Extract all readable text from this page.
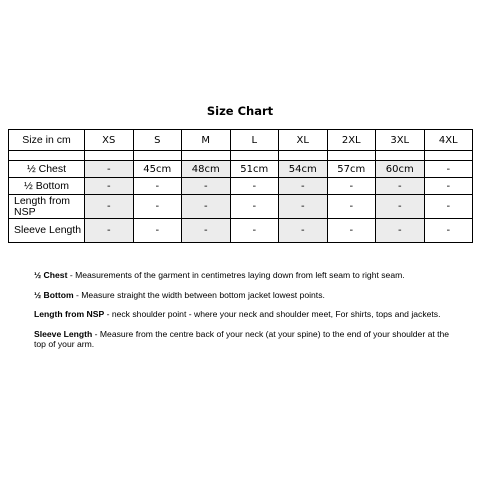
Size Chart
Size in cm	XS	S	M	L	XL	2XL	3XL	4XL

½ Chest	-	45cm	48cm	51cm	54cm	57cm	60cm	-
½ Bottom	-	-	-	-	-	-	-	-
Length from NSP	-	-	-	-	-	-	-	-
Sleeve Length	-	-	-	-	-	-	-	-

½ Chest - Measurements of the garment in centimetres laying down from left seam to right seam.

½ Bottom - Measure straight the width between bottom jacket lowest points.

Length from NSP - neck shoulder point - where your neck and shoulder meet, For shirts, tops and jackets.

Sleeve Length - Measure from the centre back of your neck (at your spine) to the end of your shoulder at the top of your arm.
